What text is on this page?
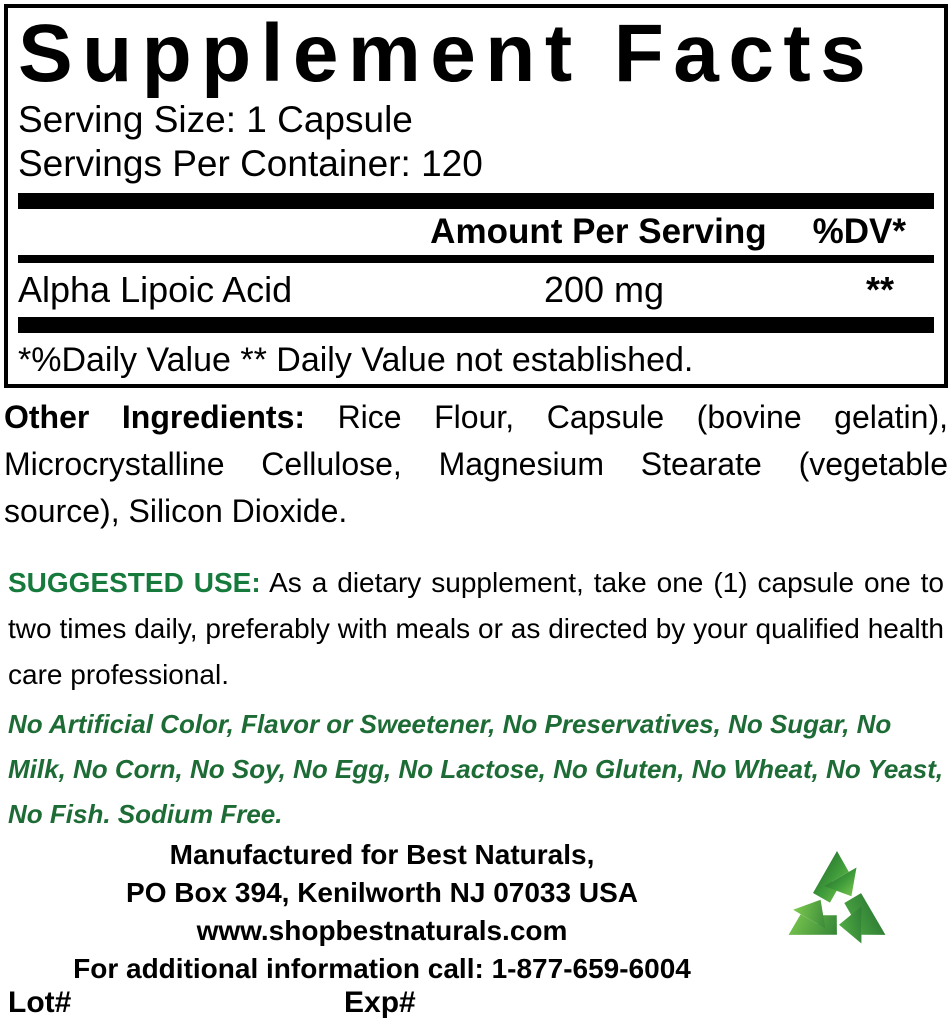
Supplement Facts
Serving Size: 1 Capsule
Servings Per Container: 120
Amount Per Serving %DV*
Alpha Lipoic Acid	200 mg	**
*%Daily Value ** Daily Value not established.
Other Ingredients: Rice Flour, Capsule (bovine gelatin), Microcrystalline Cellulose, Magnesium Stearate (vegetable source), Silicon Dioxide.
SUGGESTED USE: As a dietary supplement, take one (1) capsule one to two times daily, preferably with meals or as directed by your qualified health care professional.
No Artificial Color, Flavor or Sweetener, No Preservatives, No Sugar, No Milk, No Corn, No Soy, No Egg, No Lactose, No Gluten, No Wheat, No Yeast, No Fish. Sodium Free.
Manufactured for Best Naturals,
PO Box 394, Kenilworth NJ 07033 USA
www.shopbestnaturals.com
For additional information call: 1-877-659-6004
Lot#	Exp#
